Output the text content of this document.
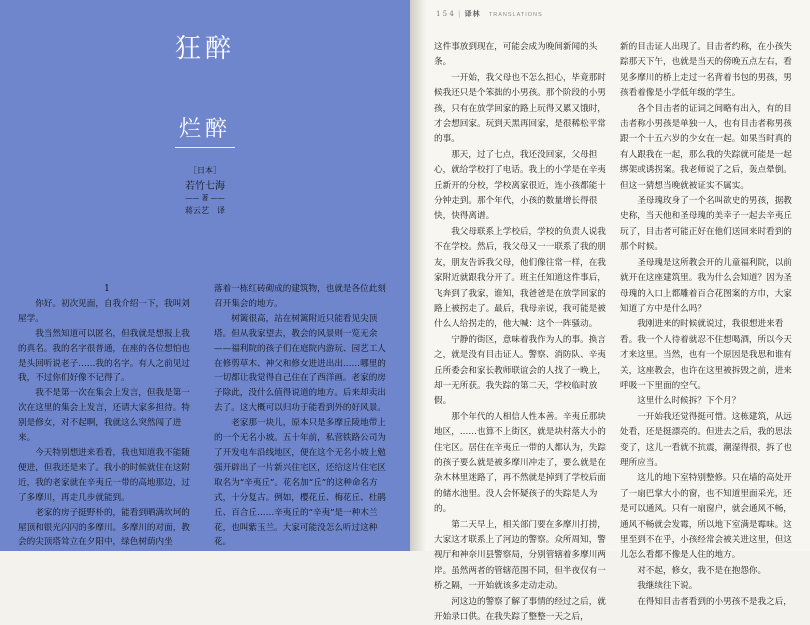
狂醉
烂醉
［日本］
若竹七海
—— 著 ——
蒋云艺　译

1

你好。初次见面，自我介绍一下，我叫刘屋学。

我当然知道可以匿名，但我就是想报上我的真名。我的名字很普通，在座的各位想怕也是头回听说老子……我的名字。有人之前见过我，不过你们好像不记得了。

我不是第一次在集会上发言，但我是第一次在这里的集会上发言，还请大家多担待。特别是修女，对不起啊，我就这么突然闯了进来。

今天特别想进来看看，我也知道我不能随便进，但我还是来了。我小的时候就住在这附近，我的老家就在辛夷丘一带的高地那边，过了多摩川，再走几步就能到。

老家的房子挺野朴的，能看到晒满坎坷的屋顶和银光闪闪的多摩川。多摩川的对面，教会的尖顶塔耸立在夕阳中，绿色树荫内坐

落着一栋红砖砌成的建筑物，也就是各位此刻召开集会的地方。

树篱很高，站在树篱附近只能看见尖顶塔。但从我家望去，教会的风景则一览无余——福利院的孩子们在庭院内游玩、园艺工人在修剪草木、神父和修女进进出出……哪里的一切都让我觉得自己住在了西洋画。老家的房子除此，没什么值得说道的地方。后来却卖出去了。这大概可以归功于能看到外的好风景。

老家那一块儿，原本只是多摩丘陵地带上的一个无名小坡。五十年前，私营铁路公司为了开发电车沿线地区，便在这个无名小坡上勉强开辟出了一片新兴住宅区，还给这片住宅区取名为“辛夷丘”。花名加“丘”的这种命名方式，十分复古。例如，樱花丘、梅花丘、杜鹃丘、百合丘……辛夷丘的“辛夷”是一种木兰花，也叫紫玉兰。大家可能没怎么听过这种花。

1 5 4 | 译林 TRANSLATIONS

这件事放到现在，可能会成为晚间新闻的头条。

一开始，我父母也不怎么担心，毕竟那时候我还只是个笨拙的小男孩。那个阶段的小男孩，只有在放学回家的路上玩得又累又饿时，才会想回家。玩到天黑再回家，是很稀松平常的事。

那天，过了七点，我还没回家，父母担心，就给学校打了电话。我上的小学是在辛夷丘新开的分校，学校离家很近，连小孩都能十分钟走到。那个年代，小孩的数量增长得很快，快得离谱。

我父母联系上学校后，学校的负责人说我不在学校。然后，我父母又一一联系了我的朋友，朋友告诉我父母，他们像往常一样，在我家附近就跟我分开了。班主任知道这件事后，飞奔到了我家，谁知，我爸爸是在放学回家的路上被拐走了。最后，我母亲说，我可能是被什么人给拐走的，他大喊：这个一阵骚动。

宁静的街区，意味着我作为人的事。换言之，就是没有目击证人。警察、消防队、辛夷丘所委会和家长教师联谊会的人找了一晚上，却一无所获。我失踪的第二天，学校临时放假。

那个年代的人相信人性本善。辛夷丘那块地区，……也算不上街区，就是块村落大小的住宅区。居住在辛夷丘一带的人都认为，失踪的孩子要么就是被多摩川冲走了，要么就是在杂木林里迷路了，再不然就是掉到了学校后面的储水池里。没人会怀疑孩子的失踪是人为的。

第二天早上，相关部门要在多摩川打捞，大家这才联系上了河边的警察。众所周知，警视厅和神奈川县警察局，分别管辖着多摩川两岸。虽然两者的管辖范围不同，但半夜仅有一桥之隔，一开始就该多走动走动。

河这边的警察了解了事情的经过之后，就开始录口供。在我失踪了整整一天之后，

新的目击证人出现了。目击者约称，在小孩失踪那天下午，也就是当天的傍晚五点左右，看见多摩川的桥上走过一名背着书包的男孩，男孩看着像是小学低年级的学生。

各个目击者的证词之间略有出入，有的目击者称小男孩是单独一人，也有目击者称男孩跟一个十五六岁的少女在一起。如果当时真的有人跟我在一起，那么我的失踪就可能是一起绑架或诱拐案。我老师说了之后，轰点晕倒。但这一猜想当晚就被证实不属实。

圣母瑰玫身了一个名叫欲史的男孩，据教史称，当天他和圣母瑰的美幸子一起去辛夷丘玩了，目击者可能正好在他们送回来时看到的那个时候。

圣母瑰是这所教会开的儿童福利院，以前就开在这座建筑里。我为什么会知道？因为圣母瑰的入口上都雕着百合花图案的方巾，大家知道了方中是什么吗？

我刚进来的时候就说过，我很想进来看看。我一个人待着就忍不住想喝酒，所以今天才来这里。当然，也有一个原因是我思和谁有关，这座教会，也许在这里被拆毁之前，进来呼吸一下里面的空气。

这里什么时候拆？下个月？

一开始我还觉得挺可惜。这栋建筑，从远处看，还是挺漂亮的。但进去之后，我的思法变了，这儿一看就不抗震，潮湿得很，拆了也理所应当。

这儿的地下室特别整修。只在墙的高处开了一扇巴掌大小的窗，也不知道里面采光，还是可以通风。只有一扇窗户，就会通风不畅，通风不畅就会发霉，所以地下室满是霉味。这里至到不在乎，小孩经常会被关进这里，但这儿怎么看都不像是人住的地方。

对不起，修女，我不是在抱怨你。

我继续往下说。

在得知目击者看到的小男孩不是我之后，
